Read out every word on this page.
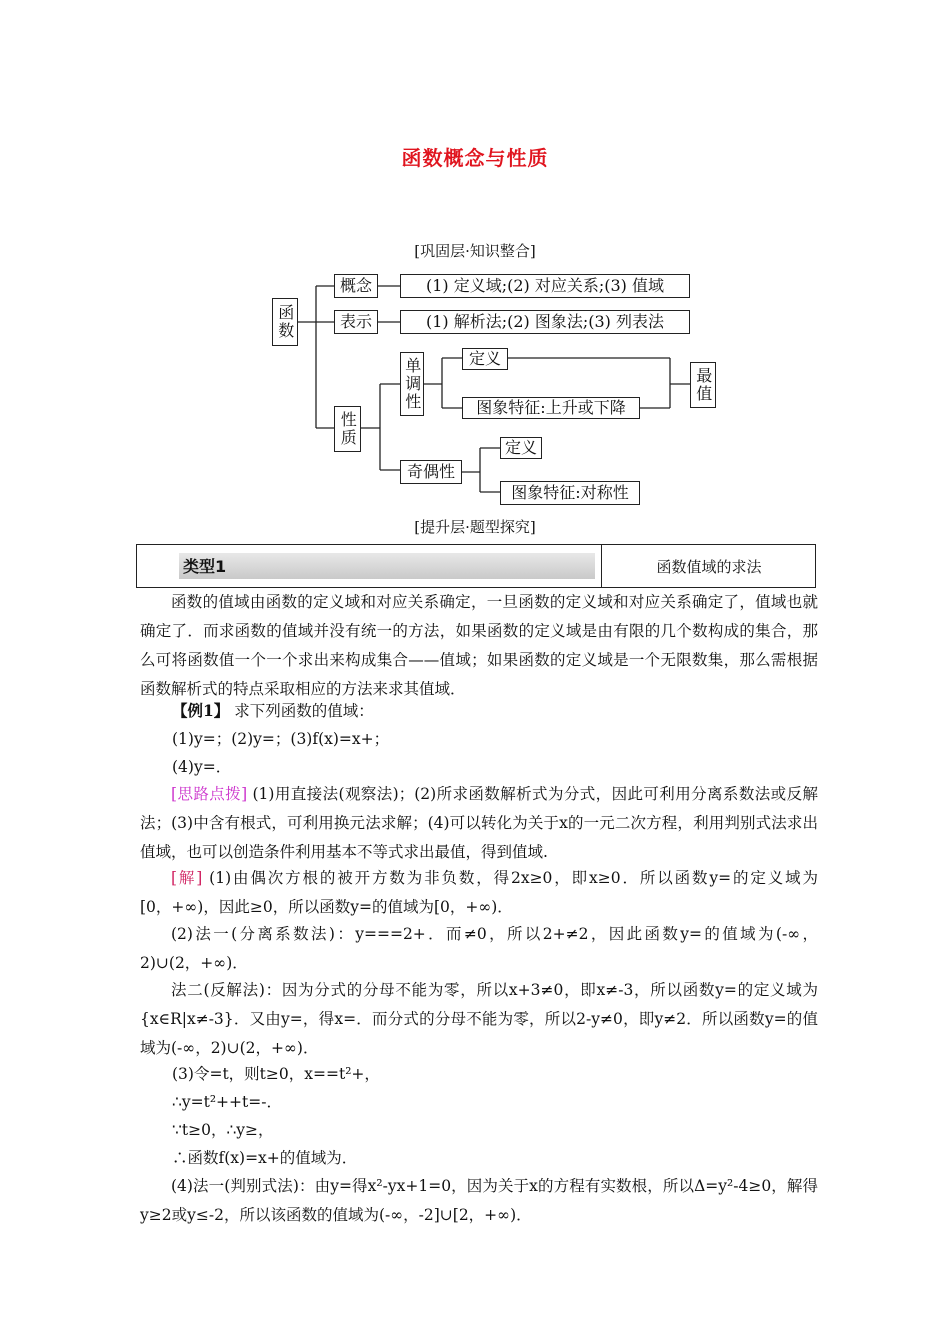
函数概念与性质
[巩固层·知识整合]
函数
概念	(1) 定义域;(2) 对应关系;(3) 值域
表示	(1) 解析法;(2) 图象法;(3) 列表法
性质
单调性	定义
图象特征:上升或下降
最值
奇偶性
定义
图象特征:对称性
[提升层·题型探究]
类型1	函数值域的求法
函数的值域由函数的定义域和对应关系确定，一旦函数的定义域和对应关系确定了，值域也就确定了．而求函数的值域并没有统一的方法，如果函数的定义域是由有限的几个数构成的集合，那么可将函数值一个一个求出来构成集合——值域；如果函数的定义域是一个无限数集，那么需根据函数解析式的特点采取相应的方法来求其值域．
【例1】 求下列函数的值域：
(1)y=；(2)y=；(3)f(x)=x+；
(4)y=．
[思路点拨] (1)用直接法(观察法)；(2)所求函数解析式为分式，因此可利用分离系数法或反解法；(3)中含有根式，可利用换元法求解；(4)可以转化为关于x的一元二次方程，利用判别式法求出值域，也可以创造条件利用基本不等式求出最值，得到值域.
[解] (1)由偶次方根的被开方数为非负数，得2x≥0，即x≥0．所以函数y=的定义域为[0，+∞)，因此≥0，所以函数y=的值域为[0，+∞)．
(2)法一(分离系数法)：y===2+．而≠0，所以2+≠2，因此函数y=的值域为(-∞，2)∪(2，+∞)．
法二(反解法)：因为分式的分母不能为零，所以x+3≠0，即x≠-3，所以函数y=的定义域为{x∈R|x≠-3}．又由y=，得x=．而分式的分母不能为零，所以2-y≠0，即y≠2．所以函数y=的值域为(-∞，2)∪(2，+∞)．
(3)令=t，则t≥0，x==t²+，
∴y=t²++t=-．
∵t≥0，∴y≥，
∴函数f(x)=x+的值域为．
(4)法一(判别式法)：由y=得x²-yx+1=0，因为关于x的方程有实数根，所以Δ=y²-4≥0，解得y≥2或y≤-2，所以该函数的值域为(-∞，-2]∪[2，+∞)．
